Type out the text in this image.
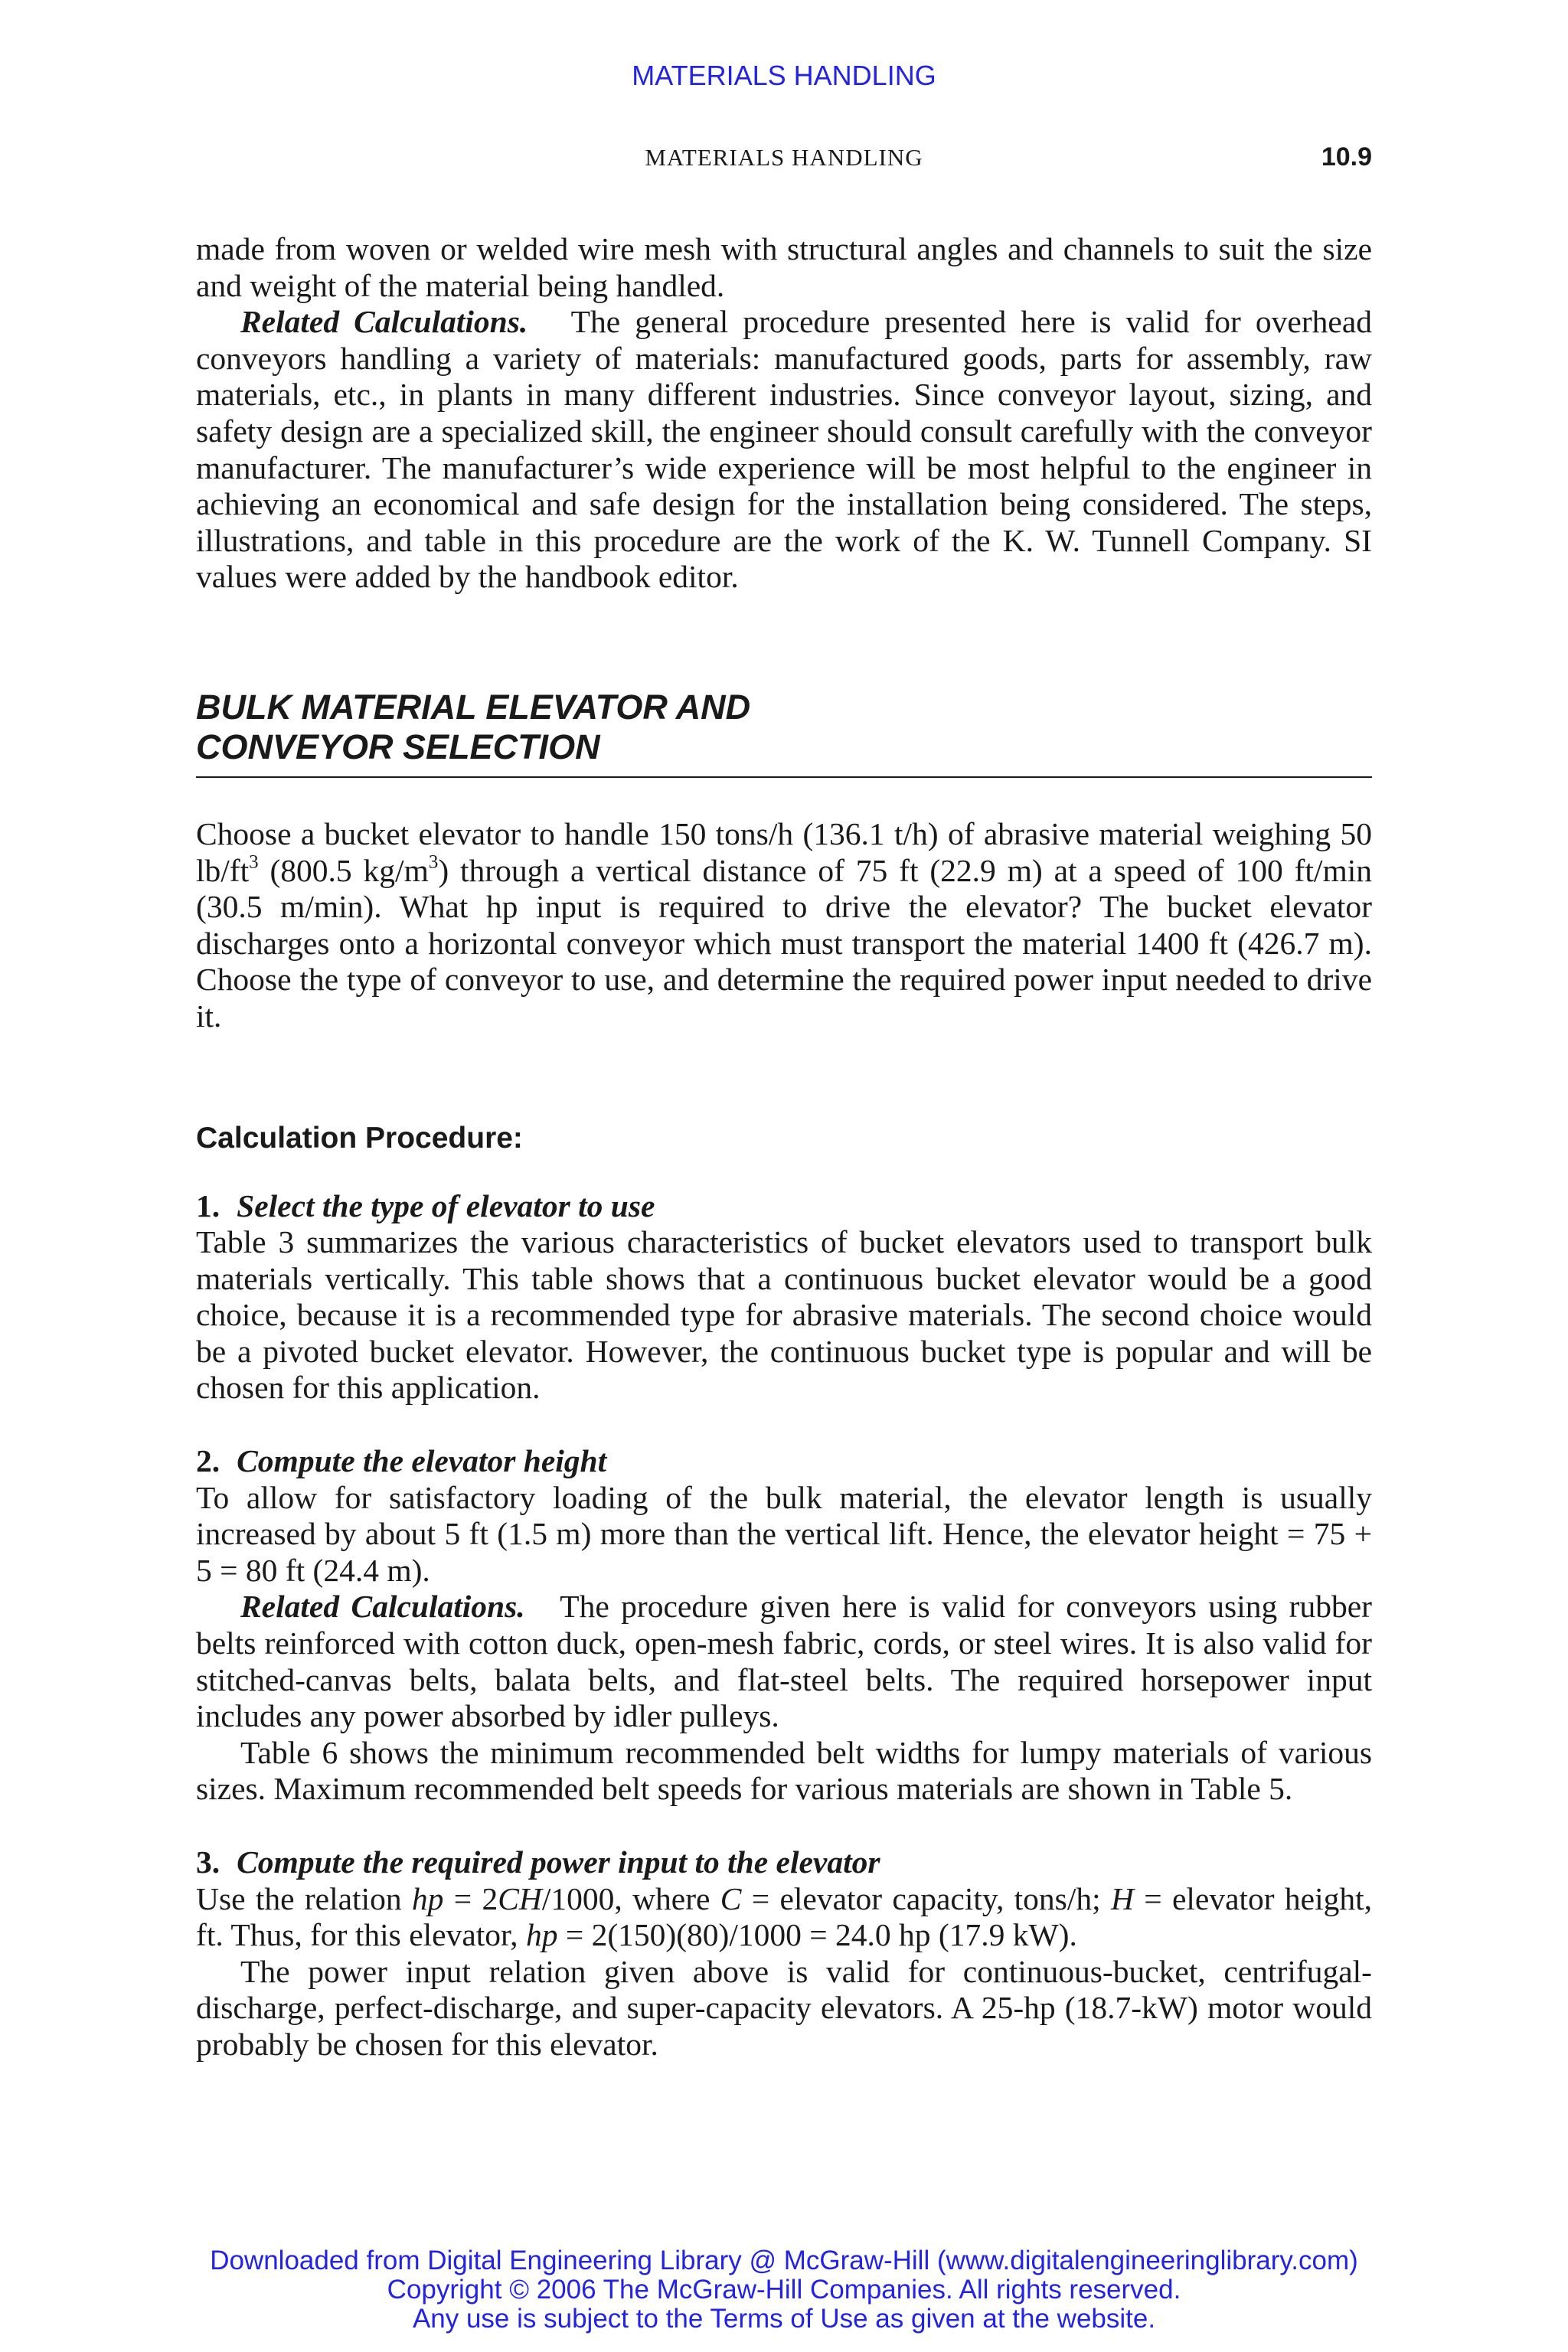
MATERIALS HANDLING
MATERIALS HANDLING	10.9

made from woven or welded wire mesh with structural angles and channels to suit the size and weight of the material being handled.

Related Calculations. The general procedure presented here is valid for overhead conveyors handling a variety of materials: manufactured goods, parts for assembly, raw materials, etc., in plants in many different industries. Since conveyor layout, sizing, and safety design are a specialized skill, the engineer should consult carefully with the conveyor manufacturer. The manufacturer’s wide experience will be most helpful to the engineer in achieving an economical and safe design for the installation being considered. The steps, illustrations, and table in this procedure are the work of the K. W. Tunnell Company. SI values were added by the handbook editor.

BULK MATERIAL ELEVATOR AND
CONVEYOR SELECTION

Choose a bucket elevator to handle 150 tons/h (136.1 t/h) of abrasive material weighing 50 $lb/ft^3$ (800.5 $kg/m^3$) through a vertical distance of 75 ft (22.9 m) at a speed of 100 ft/min (30.5 m/min). What hp input is required to drive the elevator? The bucket elevator discharges onto a horizontal conveyor which must transport the material 1400 ft (426.7 m). Choose the type of conveyor to use, and determine the required power input needed to drive it.

Calculation Procedure:
1. Select the type of elevator to use

Table 3 summarizes the various characteristics of bucket elevators used to transport bulk materials vertically. This table shows that a continuous bucket elevator would be a good choice, because it is a recommended type for abrasive materials. The second choice would be a pivoted bucket elevator. However, the continuous bucket type is popular and will be chosen for this application.

2. Compute the elevator height

To allow for satisfactory loading of the bulk material, the elevator length is usually increased by about 5 ft (1.5 m) more than the vertical lift. Hence, the elevator height = 75 + 5 = 80 ft (24.4 m).

Related Calculations. The procedure given here is valid for conveyors using rubber belts reinforced with cotton duck, open-mesh fabric, cords, or steel wires. It is also valid for stitched-canvas belts, balata belts, and flat-steel belts. The required horsepower input includes any power absorbed by idler pulleys.

Table 6 shows the minimum recommended belt widths for lumpy materials of various sizes. Maximum recommended belt speeds for various materials are shown in Table 5.

3. Compute the required power input to the elevator

Use the relation hp = 2CH/1000, where C = elevator capacity, tons/h; H = elevator height, ft. Thus, for this elevator, hp = 2(150)(80)/1000 = 24.0 hp (17.9 kW).

The power input relation given above is valid for continuous-bucket, centrifugal-discharge, perfect-discharge, and super-capacity elevators. A 25-hp (18.7-kW) motor would probably be chosen for this elevator.

Downloaded from Digital Engineering Library @ McGraw-Hill (www.digitalengineeringlibrary.com)
Copyright © 2006 The McGraw-Hill Companies. All rights reserved.
Any use is subject to the Terms of Use as given at the website.
